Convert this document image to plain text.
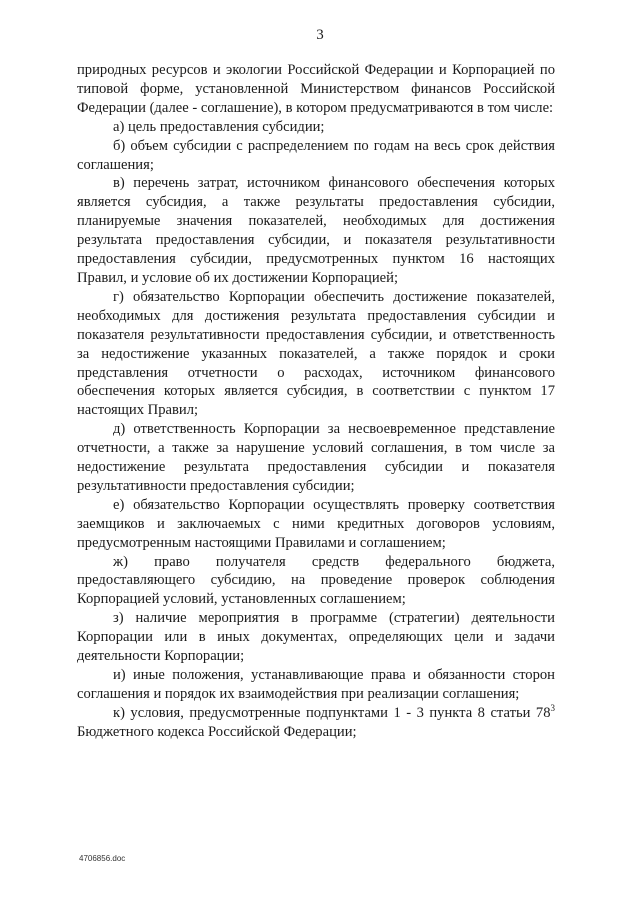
3

природных ресурсов и экологии Российской Федерации и Корпорацией по типовой форме, установленной Министерством финансов Российской Федерации (далее - соглашение), в котором предусматриваются в том числе:

а) цель предоставления субсидии;

б) объем субсидии с распределением по годам на весь срок действия соглашения;

в) перечень затрат, источником финансового обеспечения которых является субсидия, а также результаты предоставления субсидии, планируемые значения показателей, необходимых для достижения результата предоставления субсидии, и показателя результативности предоставления субсидии, предусмотренных пунктом 16 настоящих Правил, и условие об их достижении Корпорацией;

г) обязательство Корпорации обеспечить достижение показателей, необходимых для достижения результата предоставления субсидии и показателя результативности предоставления субсидии, и ответственность за недостижение указанных показателей, а также порядок и сроки представления отчетности о расходах, источником финансового обеспечения которых является субсидия, в соответствии с пунктом 17 настоящих Правил;

д) ответственность Корпорации за несвоевременное представление отчетности, а также за нарушение условий соглашения, в том числе за недостижение результата предоставления субсидии и показателя результативности предоставления субсидии;

е) обязательство Корпорации осуществлять проверку соответствия заемщиков и заключаемых с ними кредитных договоров условиям, предусмотренным настоящими Правилами и соглашением;

ж) право получателя средств федерального бюджета, предоставляющего субсидию, на проведение проверок соблюдения Корпорацией условий, установленных соглашением;

з) наличие мероприятия в программе (стратегии) деятельности Корпорации или в иных документах, определяющих цели и задачи деятельности Корпорации;

и) иные положения, устанавливающие права и обязанности сторон соглашения и порядок их взаимодействия при реализации соглашения;

к) условия, предусмотренные подпунктами 1 - 3 пункта 8 статьи $78^3$ Бюджетного кодекса Российской Федерации;

4706856.doc
